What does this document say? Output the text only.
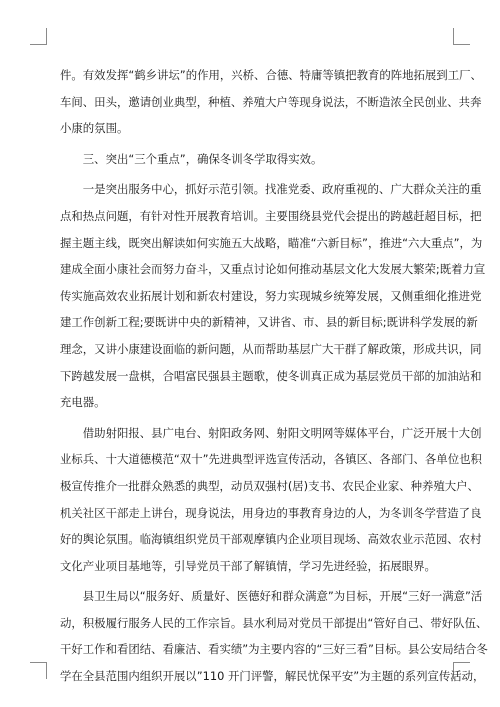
件。有效发挥“鹤乡讲坛”的作用，兴桥、合德、特庸等镇把教育的阵地拓展到工厂、

车间、田头，邀请创业典型，种植、养殖大户等现身说法，不断造浓全民创业、共奔

小康的氛围。

　　三、突出“三个重点”，确保冬训冬学取得实效。

　　一是突出服务中心，抓好示范引领。找准党委、政府重视的、广大群众关注的重

点和热点问题，有针对性开展教育培训。主要围绕县党代会提出的跨越赶超目标，把

握主题主线，既突出解读如何实施五大战略，瞄准“六新目标”，推进“六大重点”，为

建成全面小康社会而努力奋斗，又重点讨论如何推动基层文化大发展大繁荣;既着力宣

传实施高效农业拓展计划和新农村建设，努力实现城乡统筹发展，又侧重细化推进党

建工作创新工程;要既讲中央的新精神，又讲省、市、县的新目标;既讲科学发展的新

理念，又讲小康建设面临的新问题，从而帮助基层广大干群了解政策，形成共识，同

下跨越发展一盘棋，合唱富民强县主题歌，使冬训真正成为基层党员干部的加油站和

充电器。

　　借助射阳报、县广电台、射阳政务网、射阳文明网等媒体平台，广泛开展十大创

业标兵、十大道德模范“双十”先进典型评选宣传活动，各镇区、各部门、各单位也积

极宣传推介一批群众熟悉的典型，动员双强村(居)支书、农民企业家、种养殖大户、

机关社区干部走上讲台，现身说法，用身边的事教育身边的人，为冬训冬学营造了良

好的舆论氛围。临海镇组织党员干部观摩镇内企业项目现场、高效农业示范园、农村

文化产业项目基地等，引导党员干部了解镇情，学习先进经验，拓展眼界。

　　县卫生局以“服务好、质量好、医德好和群众满意”为目标，开展“三好一满意”活

动，积极履行服务人民的工作宗旨。县水利局对党员干部提出“管好自己、带好队伍、

干好工作和看团结、看廉洁、看实绩”为主要内容的“三好三看”目标。县公安局结合冬

学在全县范围内组织开展以”110 开门评警，解民忧保平安”为主题的系列宣传活动，
